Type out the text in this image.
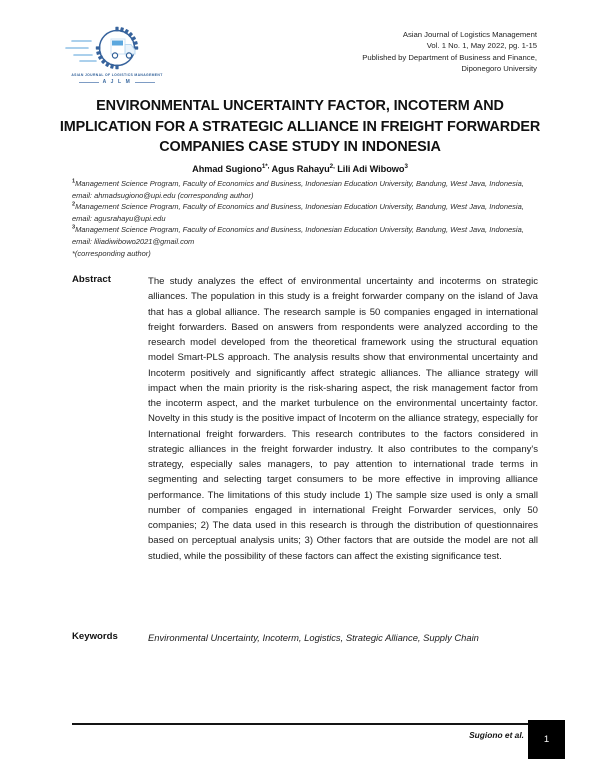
ASIAN JOURNAL OF LOGISTICS MANAGEMENT
A J L M
Asian Journal of Logistics Management
Vol. 1 No. 1, May 2022, pg. 1-15
Published by Department of Business and Finance,
Diponegoro University
ENVIRONMENTAL UNCERTAINTY FACTOR, INCOTERM AND IMPLICATION FOR A STRATEGIC ALLIANCE IN FREIGHT FORWARDER COMPANIES CASE STUDY IN INDONESIA
Ahmad Sugiono$^{1*,}$ Agus Rahayu$^{2,}$ Lili Adi Wibowo$^3$

$^1$Management Science Program, Faculty of Economics and Business, Indonesian Education University, Bandung, West Java, Indonesia, email: ahmadsugiono@upi.edu (corresponding author)

$^2$Management Science Program, Faculty of Economics and Business, Indonesian Education University, Bandung, West Java, Indonesia, email: agusrahayu@upi.edu

$^3$Management Science Program, Faculty of Economics and Business, Indonesian Education University, Bandung, West Java, Indonesia, email: liliadiwibowo2021@gmail.com

*(corresponding author)

Abstract	The study analyzes the effect of environmental uncertainty and incoterms on strategic alliances. The population in this study is a freight forwarder company on the island of Java that has a global alliance. The research sample is 50 companies engaged in international freight forwarders. Based on answers from respondents were analyzed according to the research model developed from the theoretical framework using the structural equation model Smart-PLS approach. The analysis results show that environmental uncertainty and Incoterm positively and significantly affect strategic alliances. The alliance strategy will impact when the main priority is the risk-sharing aspect, the risk management factor from the incoterm aspect, and the market turbulence on the environmental uncertainty factor. Novelty in this study is the positive impact of Incoterm on the alliance strategy, especially for International freight forwarders. This research contributes to the factors considered in strategic alliances in the freight forwarder industry. It also contributes to the company's strategy, especially sales managers, to pay attention to international trade terms in segmenting and selecting target consumers to be more effective in improving alliance performance. The limitations of this study include 1) The sample size used is only a small number of companies engaged in international Freight Forwarder services, only 50 companies; 2) The data used in this research is through the distribution of questionnaires based on perceptual analysis units; 3) Other factors that are outside the model are not all studied, while the possibility of these factors can affect the existing significance test.
Keywords	Environmental Uncertainty, Incoterm, Logistics, Strategic Alliance, Supply Chain
Sugiono et al.	1
